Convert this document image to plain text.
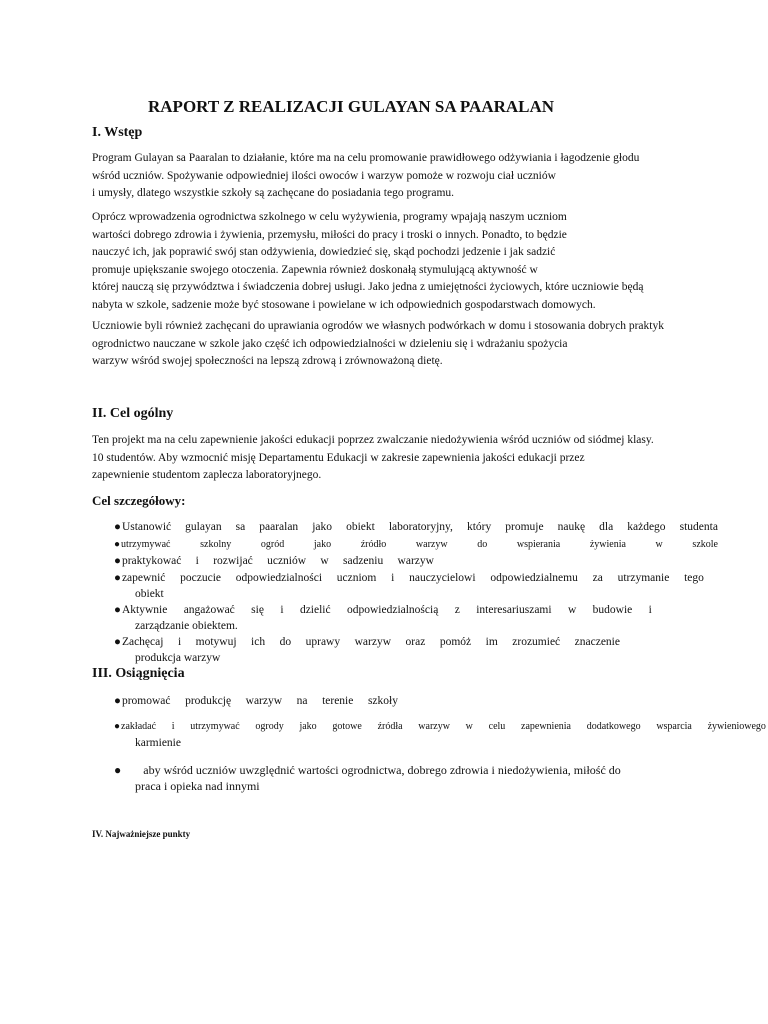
RAPORT Z REALIZACJI GULAYAN SA PAARALAN
I. Wstęp
Program Gulayan sa Paaralan to działanie, które ma na celu promowanie prawidłowego odżywiania i łagodzenie głodu
wśród uczniów. Spożywanie odpowiedniej ilości owoców i warzyw pomoże w rozwoju ciał uczniów
i umysły, dlatego wszystkie szkoły są zachęcane do posiadania tego programu.
Oprócz wprowadzenia ogrodnictwa szkolnego w celu wyżywienia, programy wpajają naszym uczniom
wartości dobrego zdrowia i żywienia, przemysłu, miłości do pracy i troski o innych. Ponadto, to będzie
nauczyć ich, jak poprawić swój stan odżywienia, dowiedzieć się, skąd pochodzi jedzenie i jak sadzić
promuje upiększanie swojego otoczenia. Zapewnia również doskonałą stymulującą aktywność w
której nauczą się przywództwa i świadczenia dobrej usługi. Jako jedna z umiejętności życiowych, które uczniowie będą
nabyta w szkole, sadzenie może być stosowane i powielane w ich odpowiednich gospodarstwach domowych.
Uczniowie byli również zachęcani do uprawiania ogrodów we własnych podwórkach w domu i stosowania dobrych praktyk
ogrodnictwo nauczane w szkole jako część ich odpowiedzialności w dzieleniu się i wdrażaniu spożycia
warzyw wśród swojej społeczności na lepszą zdrową i zrównoważoną dietę.
II. Cel ogólny
Ten projekt ma na celu zapewnienie jakości edukacji poprzez zwalczanie niedożywienia wśród uczniów od siódmej klasy.
10 studentów. Aby wzmocnić misję Departamentu Edukacji w zakresie zapewnienia jakości edukacji przez
zapewnienie studentom zaplecza laboratoryjnego.
Cel szczegółowy:
●Ustanowić gulayan sa paaralan jako obiekt laboratoryjny, który promuje naukę dla każdego studenta
●utrzymywać	szkolny	ogród	jako	źródło	warzyw	do	wspierania	żywienia	w	szkole
●praktykować i rozwijać uczniów w sadzeniu warzyw
●zapewnić poczucie odpowiedzialności uczniom i nauczycielowi odpowiedzialnemu za utrzymanie tego
obiekt
●Aktywnie angażować się i dzielić odpowiedzialnością z interesariuszami w budowie i
zarządzanie obiektem.
●Zachęcaj i motywuj ich do uprawy warzyw oraz pomóż im zrozumieć znaczenie
produkcja warzyw
III. Osiągnięcia
●promować produkcję warzyw na terenie szkoły
●zakładać i utrzymywać ogrody jako gotowe źródła warzyw w celu zapewnienia dodatkowego wsparcia żywieniowego
karmienie
● aby wśród uczniów uwzględnić wartości ogrodnictwa, dobrego zdrowia i niedożywienia, miłość do
praca i opieka nad innymi
IV. Najważniejsze punkty
